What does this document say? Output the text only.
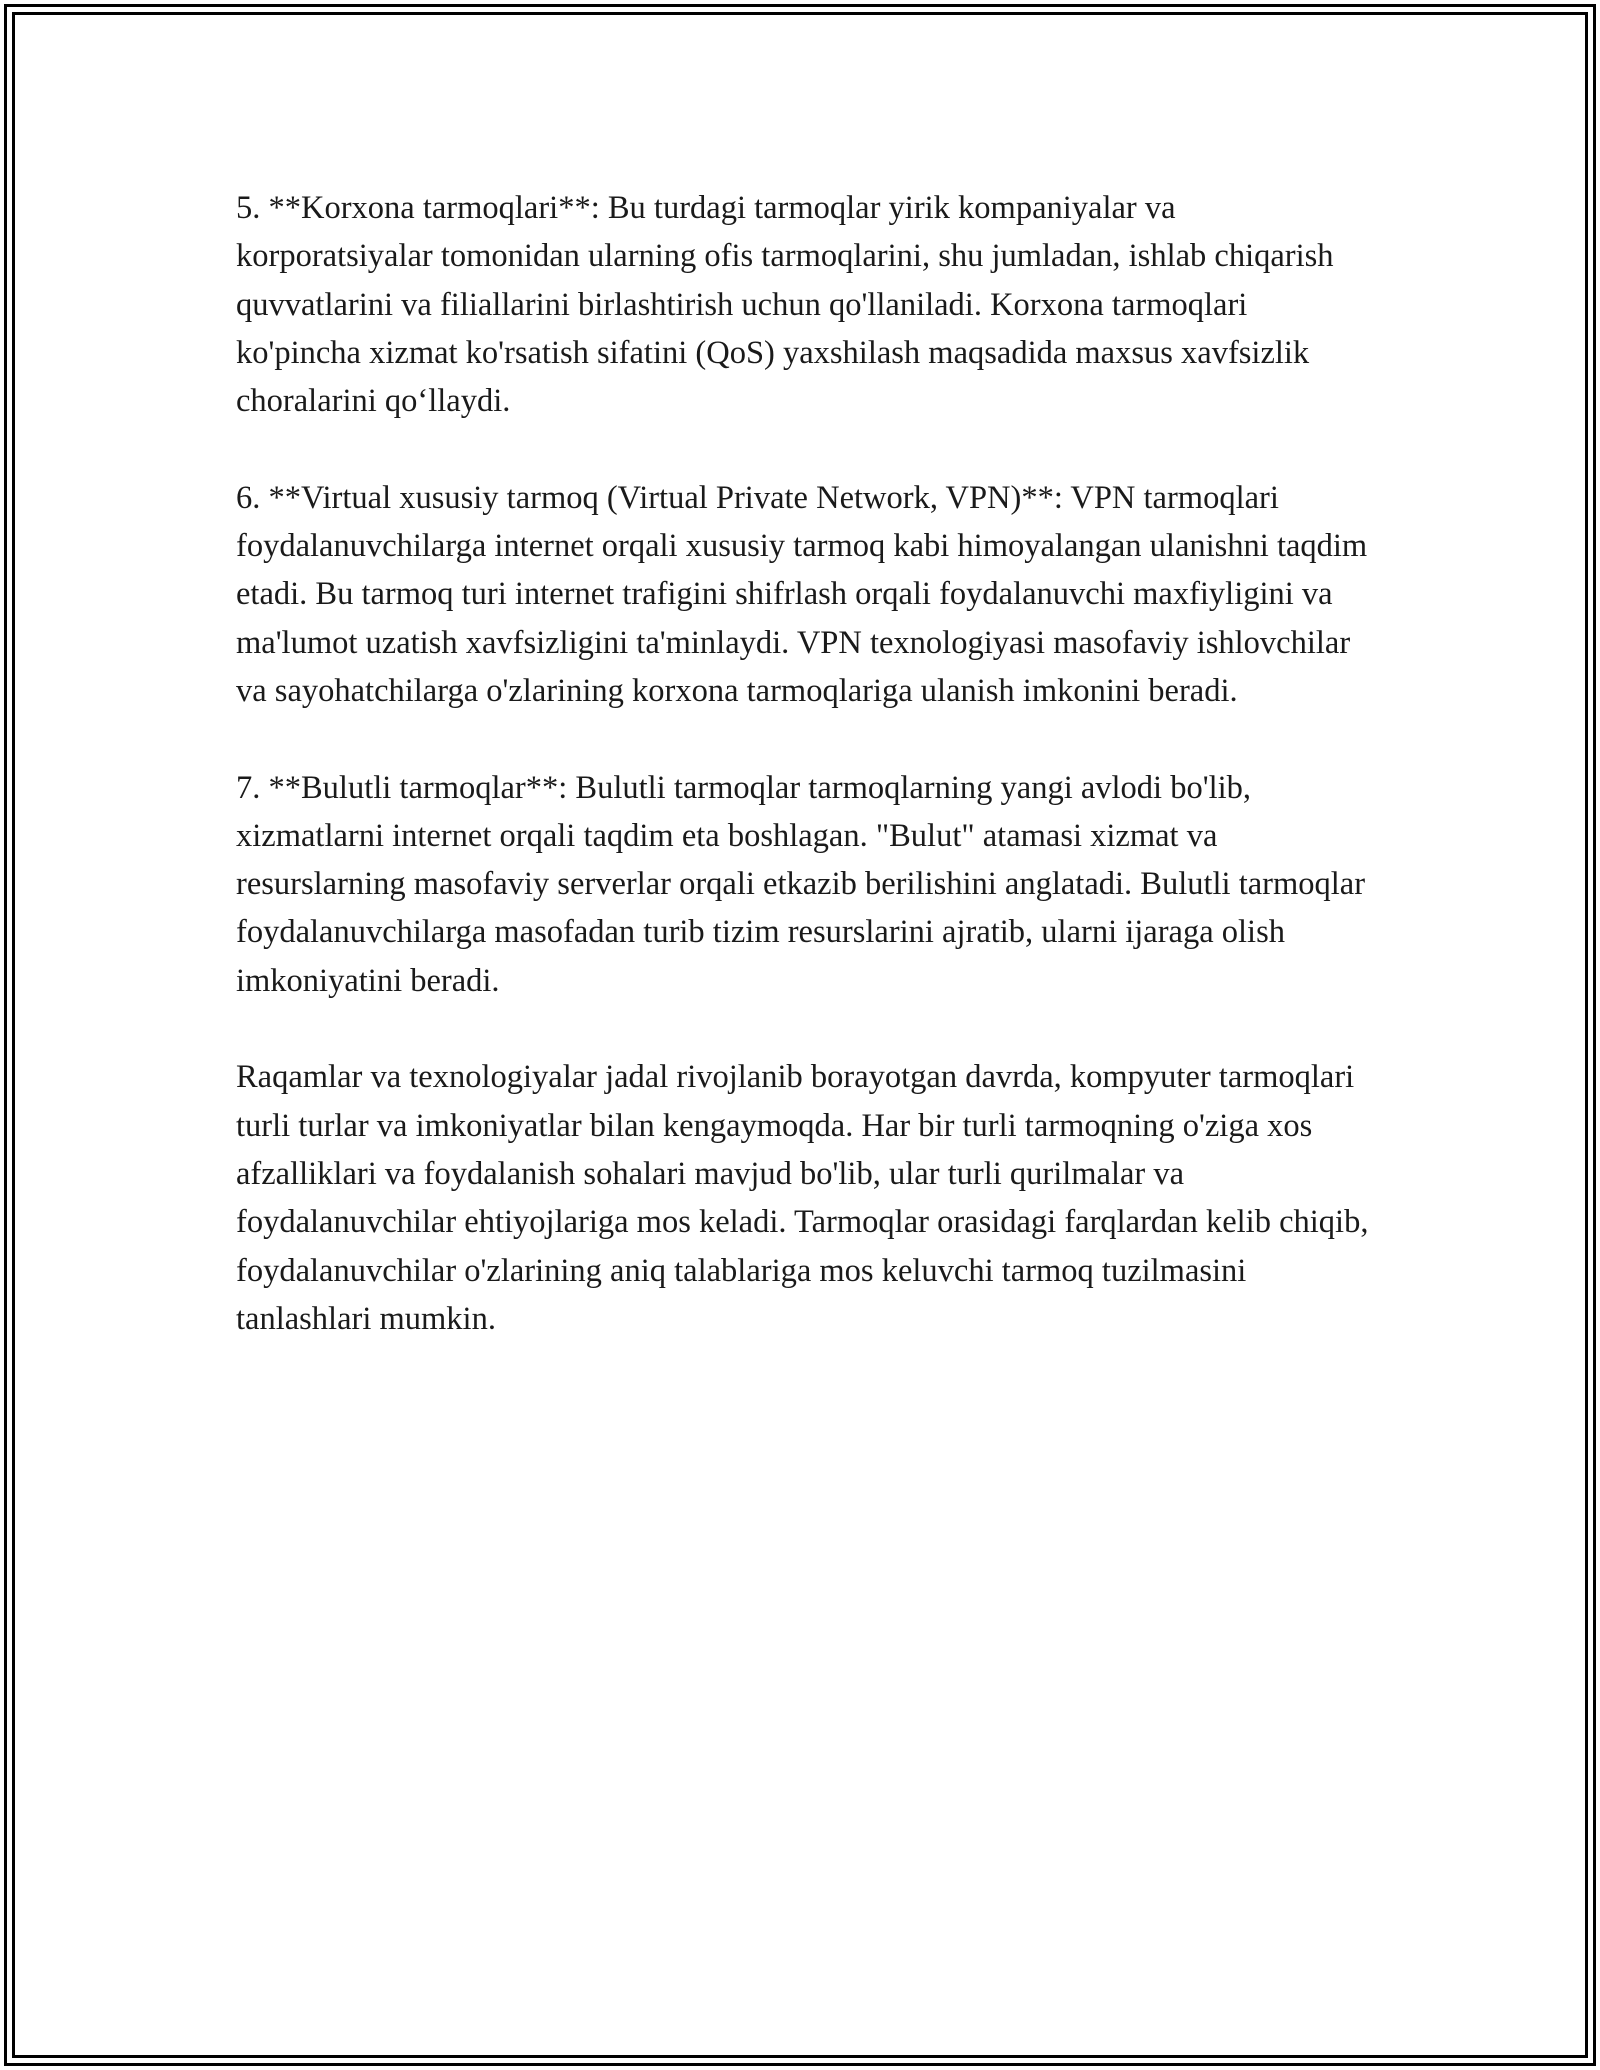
5. **Korxona tarmoqlari**: Bu turdagi tarmoqlar yirik kompaniyalar va korporatsiyalar tomonidan ularning ofis tarmoqlarini, shu jumladan, ishlab chiqarish quvvatlarini va filiallarini birlashtirish uchun qo'llaniladi. Korxona tarmoqlari ko'pincha xizmat ko'rsatish sifatini (QoS) yaxshilash maqsadida maxsus xavfsizlik choralarini qo‘llaydi.

6. **Virtual xususiy tarmoq (Virtual Private Network, VPN)**: VPN tarmoqlari foydalanuvchilarga internet orqali xususiy tarmoq kabi himoyalangan ulanishni taqdim etadi. Bu tarmoq turi internet trafigini shifrlash orqali foydalanuvchi maxfiyligini va ma'lumot uzatish xavfsizligini ta'minlaydi. VPN texnologiyasi masofaviy ishlovchilar va sayohatchilarga o'zlarining korxona tarmoqlariga ulanish imkonini beradi.

7. **Bulutli tarmoqlar**: Bulutli tarmoqlar tarmoqlarning yangi avlodi bo'lib, xizmatlarni internet orqali taqdim eta boshlagan. "Bulut" atamasi xizmat va resurslarning masofaviy serverlar orqali etkazib berilishini anglatadi. Bulutli tarmoqlar foydalanuvchilarga masofadan turib tizim resurslarini ajratib, ularni ijaraga olish imkoniyatini beradi.

Raqamlar va texnologiyalar jadal rivojlanib borayotgan davrda, kompyuter tarmoqlari turli turlar va imkoniyatlar bilan kengaymoqda. Har bir turli tarmoqning o'ziga xos afzalliklari va foydalanish sohalari mavjud bo'lib, ular turli qurilmalar va foydalanuvchilar ehtiyojlariga mos keladi. Tarmoqlar orasidagi farqlardan kelib chiqib, foydalanuvchilar o'zlarining aniq talablariga mos keluvchi tarmoq tuzilmasini tanlashlari mumkin.
